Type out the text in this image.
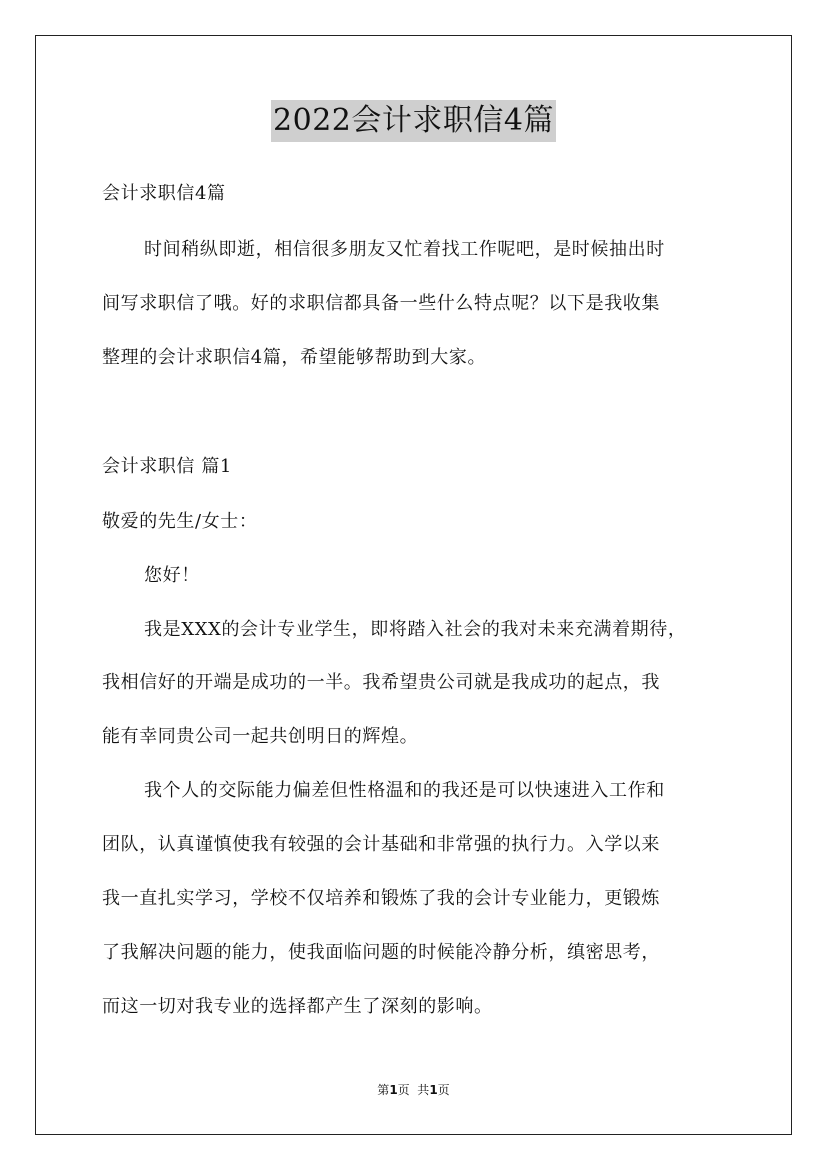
2022会计求职信4篇
会计求职信4篇
时间稍纵即逝，相信很多朋友又忙着找工作呢吧，是时候抽出时
间写求职信了哦。好的求职信都具备一些什么特点呢？以下是我收集
整理的会计求职信4篇，希望能够帮助到大家。
会计求职信 篇1
敬爱的先生/女士：
您好！
我是XXX的会计专业学生，即将踏入社会的我对未来充满着期待，
我相信好的开端是成功的一半。我希望贵公司就是我成功的起点，我
能有幸同贵公司一起共创明日的辉煌。
我个人的交际能力偏差但性格温和的我还是可以快速进入工作和
团队，认真谨慎使我有较强的会计基础和非常强的执行力。入学以来
我一直扎实学习，学校不仅培养和锻炼了我的会计专业能力，更锻炼
了我解决问题的能力，使我面临问题的时候能冷静分析，缜密思考，
而这一切对我专业的选择都产生了深刻的影响。
第1页  共1页
